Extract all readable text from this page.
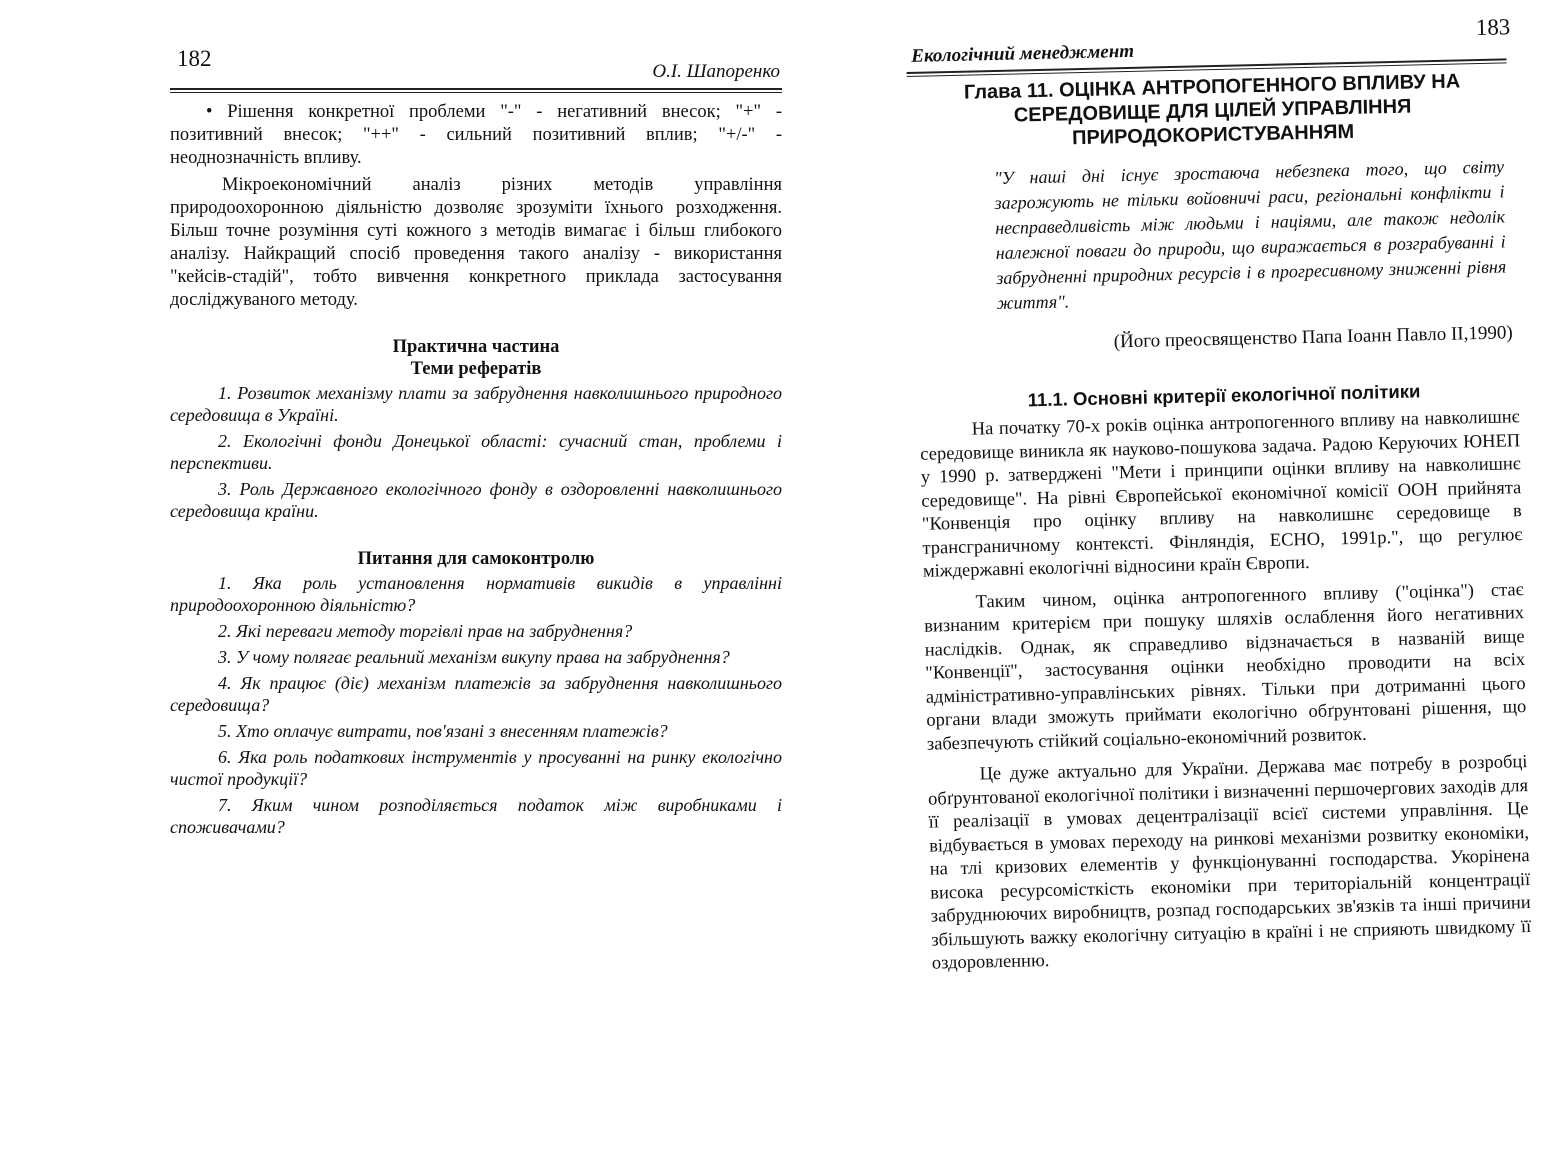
182
О.І. Шапоренко

• Рішення конкретної проблеми "-" - негативний внесок; "+" - позитивний внесок; "++" - сильний позитивний вплив; "+/-" - неоднозначність впливу.

Мікроекономічний аналіз різних методів управління природоохоронною діяльністю дозволяє зрозуміти їхнього розходження. Більш точне розуміння суті кожного з методів вимагає і більш глибокого аналізу. Найкращий спосіб проведення такого аналізу - використання "кейсів-стадій", тобто вивчення конкретного приклада застосування досліджуваного методу.

Практична частина
Теми рефератів

1. Розвиток механізму плати за забруднення навколишнього природного середовища в Україні.

2. Екологічні фонди Донецької області: сучасний стан, проблеми і перспективи.

3. Роль Державного екологічного фонду в оздоровленні навколишнього середовища країни.

Питання для самоконтролю

1. Яка роль установлення нормативів викидів в управлінні природоохоронною діяльністю?

2. Які переваги методу торгівлі прав на забруднення?

3. У чому полягає реальний механізм викупу права на забруднення?

4. Як працює (діє) механізм платежів за забруднення навколишнього середовища?

5. Хто оплачує витрати, пов'язані з внесенням платежів?

6. Яка роль податкових інструментів у просуванні на ринку екологічно чистої продукції?

7. Яким чином розподіляється податок між виробниками і споживачами?

183
Екологічний менеджмент
Глава 11. ОЦІНКА АНТРОПОГЕННОГО ВПЛИВУ НА
СЕРЕДОВИЩЕ ДЛЯ ЦІЛЕЙ УПРАВЛІННЯ
ПРИРОДОКОРИСТУВАННЯМ

"У наші дні існує зростаюча небезпека того, що світу загрожують не тільки войовничі раси, регіональні конфлікти і несправедливість між людьми і націями, але також недолік належної поваги до природи, що виражається в розграбуванні і забрудненні природних ресурсів і в прогресивному зниженні рівня життя".

(Його преосвященство Папа Іоанн Павло ІІ,1990)

11.1. Основні критерії екологічної політики

На початку 70-х років оцінка антропогенного впливу на навколишнє середовище виникла як науково-пошукова задача. Радою Керуючих ЮНЕП у 1990 р. затверджені "Мети і принципи оцінки впливу на навколишнє середовище". На рівні Європейської економічної комісії ООН прийнята "Конвенція про оцінку впливу на навколишнє середовище в трансграничному контексті. Фінляндія, ЕСНО, 1991р.", що регулює міждержавні екологічні відносини країн Європи.

Таким чином, оцінка антропогенного впливу ("оцінка") стає визнаним критерієм при пошуку шляхів ослаблення його негативних наслідків. Однак, як справедливо відзначається в названій вище "Конвенції", застосування оцінки необхідно проводити на всіх адміністративно-управлінських рівнях. Тільки при дотриманні цього органи влади зможуть приймати екологічно обґрунтовані рішення, що забезпечують стійкий соціально-економічний розвиток.

Це дуже актуально для України. Держава має потребу в розробці обґрунтованої екологічної політики і визначенні першочергових заходів для її реалізації в умовах децентралізації всієї системи управління. Це відбувається в умовах переходу на ринкові механізми розвитку економіки, на тлі кризових елементів у функціонуванні господарства. Укорінена висока ресурсомісткість економіки при територіальній концентрації забруднюючих виробництв, розпад господарських зв'язків та інші причини збільшують важку екологічну ситуацію в країні і не сприяють швидкому її оздоровленню.
